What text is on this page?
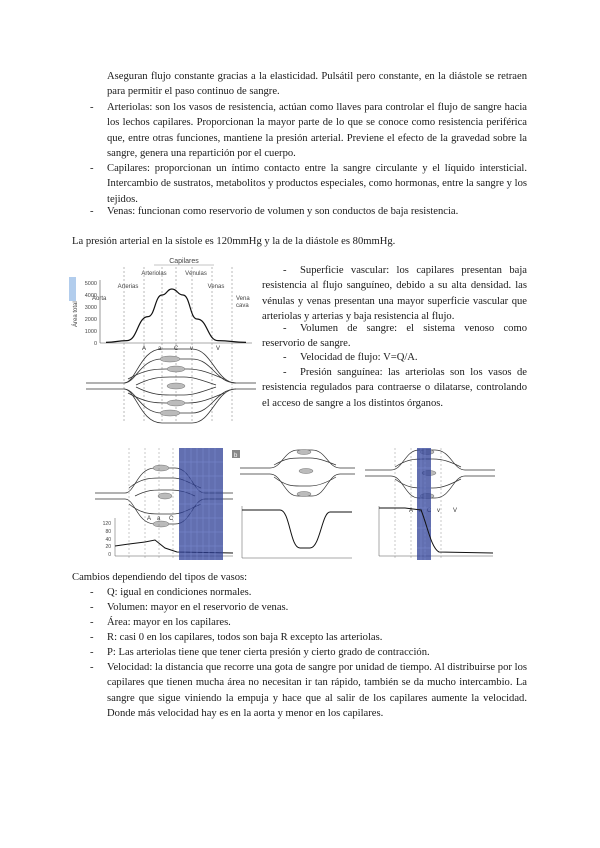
Aseguran flujo constante gracias a la elasticidad. Pulsátil pero constante, en la diástole se retraen para permitir el paso continuo de sangre.

- Arteriolas: son los vasos de resistencia, actúan como llaves para controlar el flujo de sangre hacia los lechos capilares. Proporcionan la mayor parte de lo que se conoce como resistencia periférica que, entre otras funciones, mantiene la presión arterial. Previene el efecto de la gravedad sobre la sangre, genera una repartición por el cuerpo.

- Capilares: proporcionan un íntimo contacto entre la sangre circulante y el líquido intersticial. Intercambio de sustratos, metabolitos y productos especiales, como hormonas, entre la sangre y los tejidos.

- Venas: funcionan como reservorio de volumen y son conductos de baja resistencia.

La presión arterial en la sístole es 120mmHg y la de la diástole es 80mmHg.

Capilares
Arteriolas	Vénulas
Arterias	Venas
Aorta	Vena
cava
Área total
0
1000
2000
3000
4000
5000
A a C v	V
-	Superficie vascular: los capilares presentan baja resistencia al flujo sanguíneo, debido a su alta densidad. las vénulas y venas presentan una mayor superficie vascular que arteriolas y arterias y baja resistencia al flujo.

-	Volumen de sangre: el sistema venoso como reservorio de sangre.

-	Velocidad de flujo: V=Q/A.

-	Presión sanguínea: las arteriolas son los vasos de resistencia regulados para contraerse o dilatarse, controlando el acceso de sangre a los distintos órganos.

120
80
40
20
0
A a C
b
A	v V

Cambios dependiendo del tipos de vasos:

- Q: igual en condiciones normales.

- Volumen: mayor en el reservorio de venas.

- Área: mayor en los capilares.

- R: casi 0 en los capilares, todos son baja R excepto las arteriolas.

- P: Las arteriolas tiene que tener cierta presión y cierto grado de contracción.

- Velocidad: la distancia que recorre una gota de sangre por unidad de tiempo. Al distribuirse por los capilares que tienen mucha área no necesitan ir tan rápido, también se da mucho intercambio. La sangre que sigue viniendo la empuja y hace que al salir de los capilares aumente la velocidad. Donde más velocidad hay es en la aorta y menor en los capilares.
